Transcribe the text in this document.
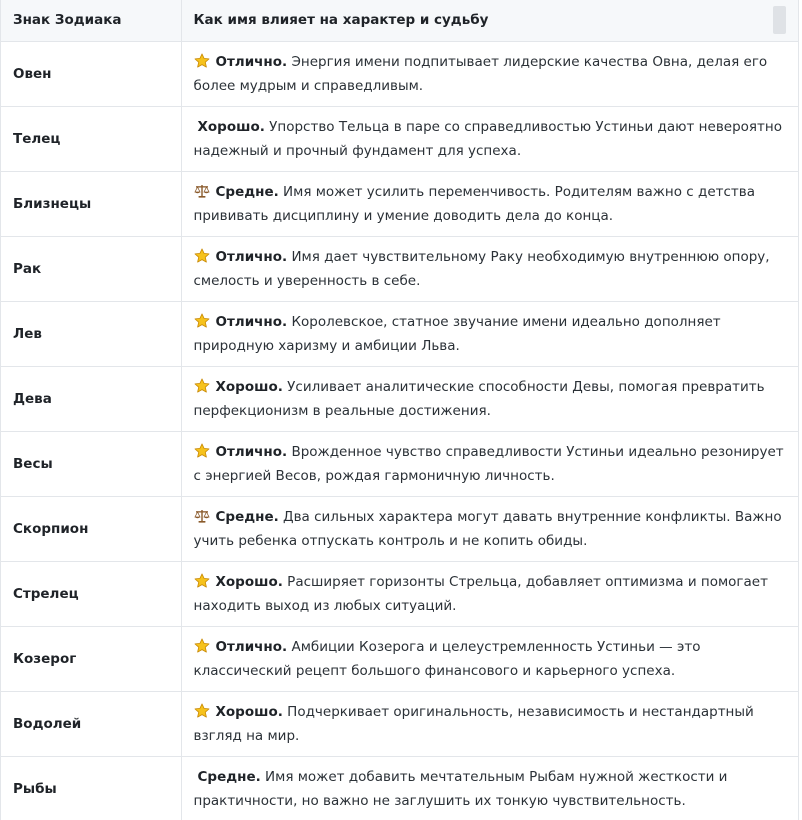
Знак Зодиака	Как имя влияет на характер и судьбу
Овен	Отлично. Энергия имени подпитывает лидерские качества Овна, делая его более мудрым и справедливым.
Телец	Хорошо. Упорство Тельца в паре со справедливостью Устиньи дают невероятно надежный и прочный фундамент для успеха.
Близнецы	Средне. Имя может усилить переменчивость. Родителям важно с детства прививать дисциплину и умение доводить дела до конца.
Рак	Отлично. Имя дает чувствительному Раку необходимую внутреннюю опору, смелость и уверенность в себе.
Лев	Отлично. Королевское, статное звучание имени идеально дополняет природную харизму и амбиции Льва.
Дева	Хорошо. Усиливает аналитические способности Девы, помогая превратить перфекционизм в реальные достижения.
Весы	Отлично. Врожденное чувство справедливости Устиньи идеально резонирует с энергией Весов, рождая гармоничную личность.
Скорпион	Средне. Два сильных характера могут давать внутренние конфликты. Важно учить ребенка отпускать контроль и не копить обиды.
Стрелец	Хорошо. Расширяет горизонты Стрельца, добавляет оптимизма и помогает находить выход из любых ситуаций.
Козерог	Отлично. Амбиции Козерога и целеустремленность Устиньи — это классический рецепт большого финансового и карьерного успеха.
Водолей	Хорошо. Подчеркивает оригинальность, независимость и нестандартный взгляд на мир.
Рыбы	Средне. Имя может добавить мечтательным Рыбам нужной жесткости и практичности, но важно не заглушить их тонкую чувствительность.
